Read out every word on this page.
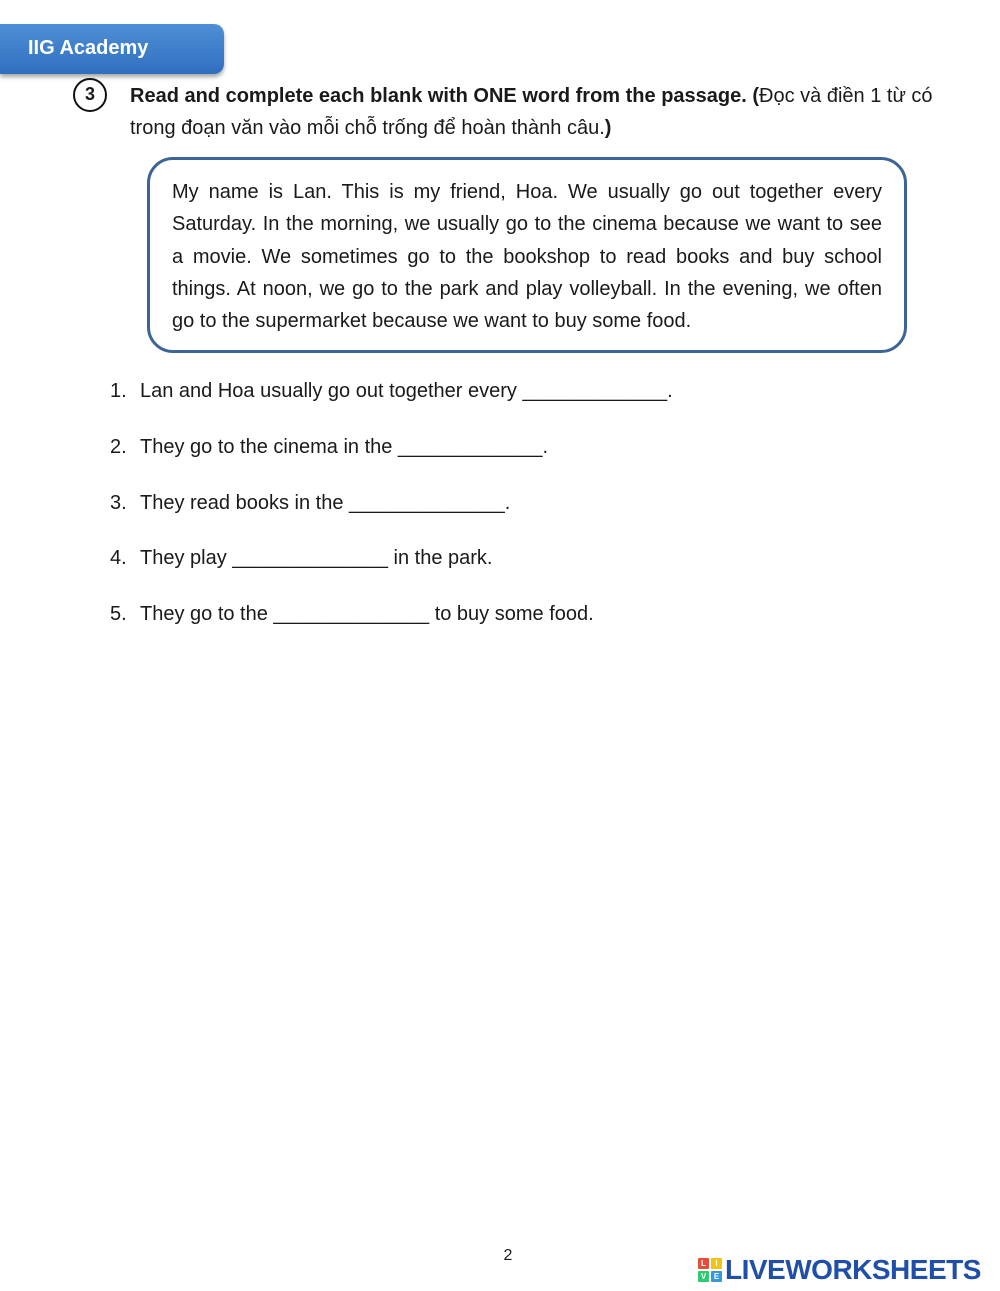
IIG Academy
3	Read and complete each blank with ONE word from the passage. (Đọc và điền 1 từ có trong đoạn văn vào mỗi chỗ trống để hoàn thành câu.)

My name is Lan. This is my friend, Hoa. We usually go out together every Saturday. In the morning, we usually go to the cinema because we want to see a movie. We sometimes go to the bookshop to read books and buy school things. At noon, we go to the park and play volleyball. In the evening, we often go to the supermarket because we want to buy some food.

1. Lan and Hoa usually go out together every _____________.
2. They go to the cinema in the _____________.
3. They read books in the ______________.
4. They play ______________ in the park.
5. They go to the ______________ to buy some food.
2	L	I
V E LIVEWORKSHEETS
